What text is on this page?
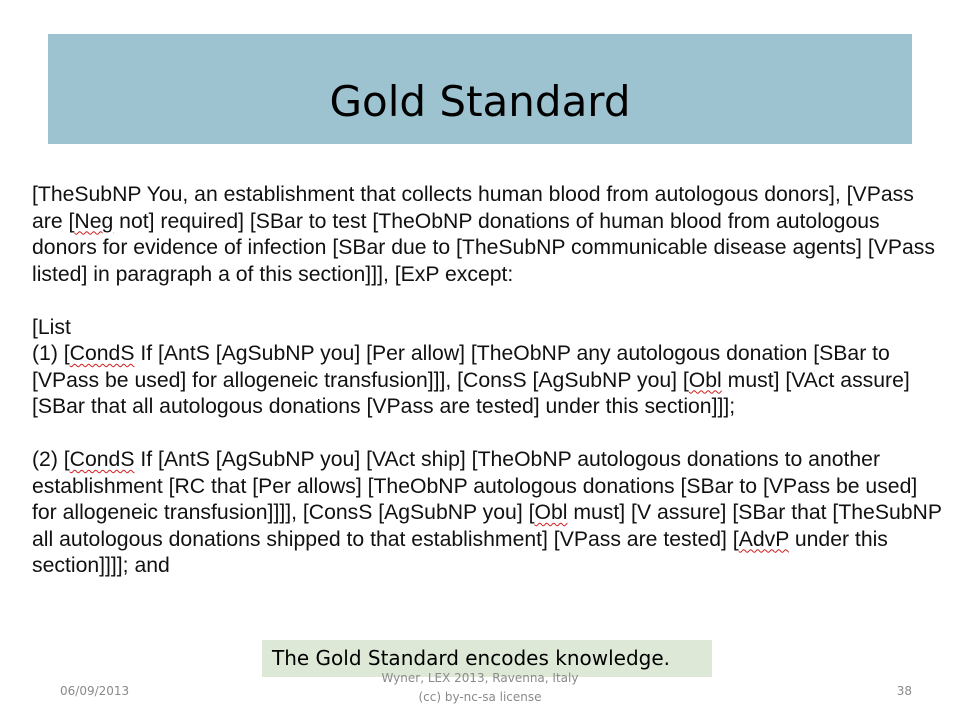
Gold Standard

[TheSubNP You, an establishment that collects human blood from autologous donors], [VPass are [Neg not] required] [SBar to test [TheObNP donations of human blood from autologous donors for evidence of infection [SBar due to [TheSubNP communicable disease agents] [VPass listed] in paragraph a of this section]]], [ExP except:

[List

(1) [CondS If [AntS [AgSubNP you] [Per allow] [TheObNP any autologous donation [SBar to [VPass be used] for allogeneic transfusion]]], [ConsS [AgSubNP you] [Obl must] [VAct assure] [SBar that all autologous donations [VPass are tested] under this section]]];

(2) [CondS If [AntS [AgSubNP you] [VAct ship] [TheObNP autologous donations to another establishment [RC that [Per allows] [TheObNP autologous donations [SBar to [VPass be used] for allogeneic transfusion]]]], [ConsS [AgSubNP you] [Obl must] [V assure] [SBar that [TheSubNP all autologous donations shipped to that establishment] [VPass are tested] [AdvP under this section]]]]; and

The Gold Standard encodes knowledge.
06/09/2013
Wyner, LEX 2013, Ravenna, Italy
(cc) by-nc-sa license	38
